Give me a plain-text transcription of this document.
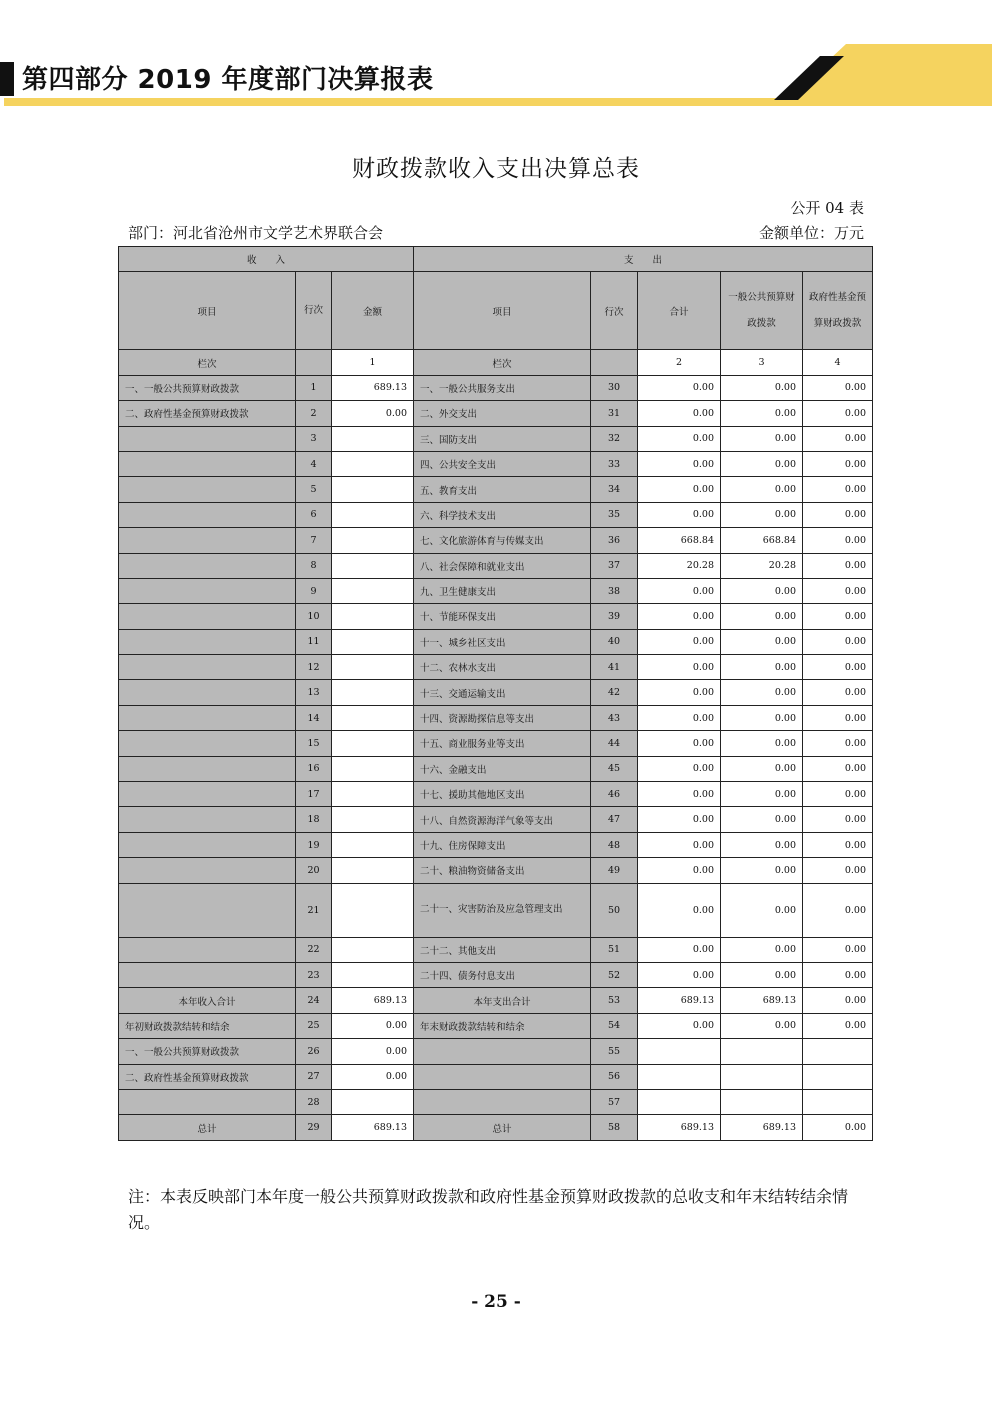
第四部分 2019 年度部门决算报表
财政拨款收入支出决算总表
公开 04 表
部门：河北省沧州市文学艺术界联合会	金额单位：万元
收　　入			支　　出				
项目	行次	金额	项目	行次	合计	一般公共预算财政拨款	政府性基金预算财政拨款
栏次		1	栏次		2	3	4
一、一般公共预算财政拨款	1	689.13	一、一般公共服务支出	30	0.00	0.00	0.00
二、政府性基金预算财政拨款	2	0.00	二、外交支出	31	0.00	0.00	0.00
	3		三、国防支出	32	0.00	0.00	0.00
	4		四、公共安全支出	33	0.00	0.00	0.00
	5		五、教育支出	34	0.00	0.00	0.00
	6		六、科学技术支出	35	0.00	0.00	0.00
	7		七、文化旅游体育与传媒支出	36	668.84	668.84	0.00
	8		八、社会保障和就业支出	37	20.28	20.28	0.00
	9		九、卫生健康支出	38	0.00	0.00	0.00
	10		十、节能环保支出	39	0.00	0.00	0.00
	11		十一、城乡社区支出	40	0.00	0.00	0.00
	12		十二、农林水支出	41	0.00	0.00	0.00
	13		十三、交通运输支出	42	0.00	0.00	0.00
	14		十四、资源勘探信息等支出	43	0.00	0.00	0.00
	15		十五、商业服务业等支出	44	0.00	0.00	0.00
	16		十六、金融支出	45	0.00	0.00	0.00
	17		十七、援助其他地区支出	46	0.00	0.00	0.00
	18		十八、自然资源海洋气象等支出	47	0.00	0.00	0.00
	19		十九、住房保障支出	48	0.00	0.00	0.00
	20		二十、粮油物资储备支出	49	0.00	0.00	0.00
	21		二十一、灾害防治及应急管理支出	50	0.00	0.00	0.00
	22		二十二、其他支出	51	0.00	0.00	0.00
	23		二十四、债务付息支出	52	0.00	0.00	0.00
本年收入合计	24	689.13	本年支出合计	53	689.13	689.13	0.00
年初财政拨款结转和结余	25	0.00	年末财政拨款结转和结余	54	0.00	0.00	0.00
一、一般公共预算财政拨款	26	0.00		55			
二、政府性基金预算财政拨款	27	0.00		56			
	28			57			
总计	29	689.13	总计	58	689.13	689.13	0.00
注：本表反映部门本年度一般公共预算财政拨款和政府性基金预算财政拨款的总收支和年末结转结余情况。
- 25 -
